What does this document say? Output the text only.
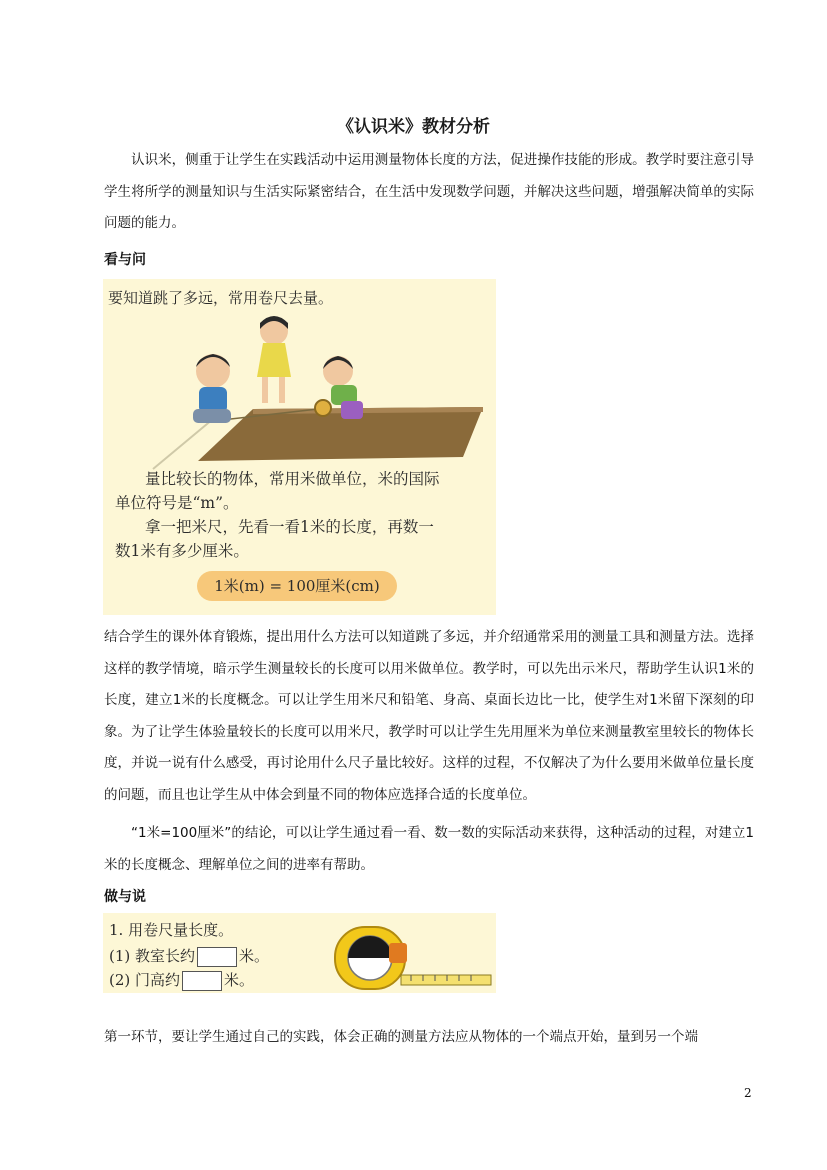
《认识米》教材分析

认识米，侧重于让学生在实践活动中运用测量物体长度的方法，促进操作技能的形成。教学时要注意引导学生将所学的测量知识与生活实际紧密结合，在生活中发现数学问题，并解决这些问题，增强解决简单的实际问题的能力。

看与问

要知道跳了多远，常用卷尺去量。
量比较长的物体，常用米做单位，米的国际
单位符号是“m”。
拿一把米尺，先看一看1米的长度，再数一
数1米有多少厘米。
1米(m) = 100厘米(cm)

结合学生的课外体育锻炼，提出用什么方法可以知道跳了多远，并介绍通常采用的测量工具和测量方法。选择这样的教学情境，暗示学生测量较长的长度可以用米做单位。教学时，可以先出示米尺，帮助学生认识1米的长度，建立1米的长度概念。可以让学生用米尺和铅笔、身高、桌面长边比一比，使学生对1米留下深刻的印象。为了让学生体验量较长的长度可以用米尺，教学时可以让学生先用厘米为单位来测量教室里较长的物体长度，并说一说有什么感受，再讨论用什么尺子量比较好。这样的过程，不仅解决了为什么要用米做单位量长度的问题，而且也让学生从中体会到量不同的物体应选择合适的长度单位。

“1米=100厘米”的结论，可以让学生通过看一看、数一数的实际活动来获得，这种活动的过程，对建立1米的长度概念、理解单位之间的进率有帮助。

做与说

1. 用卷尺量长度。
(1) 教室长约	米。
(2) 门高约	米。

第一环节，要让学生通过自己的实践，体会正确的测量方法应从物体的一个端点开始，量到另一个端

2
